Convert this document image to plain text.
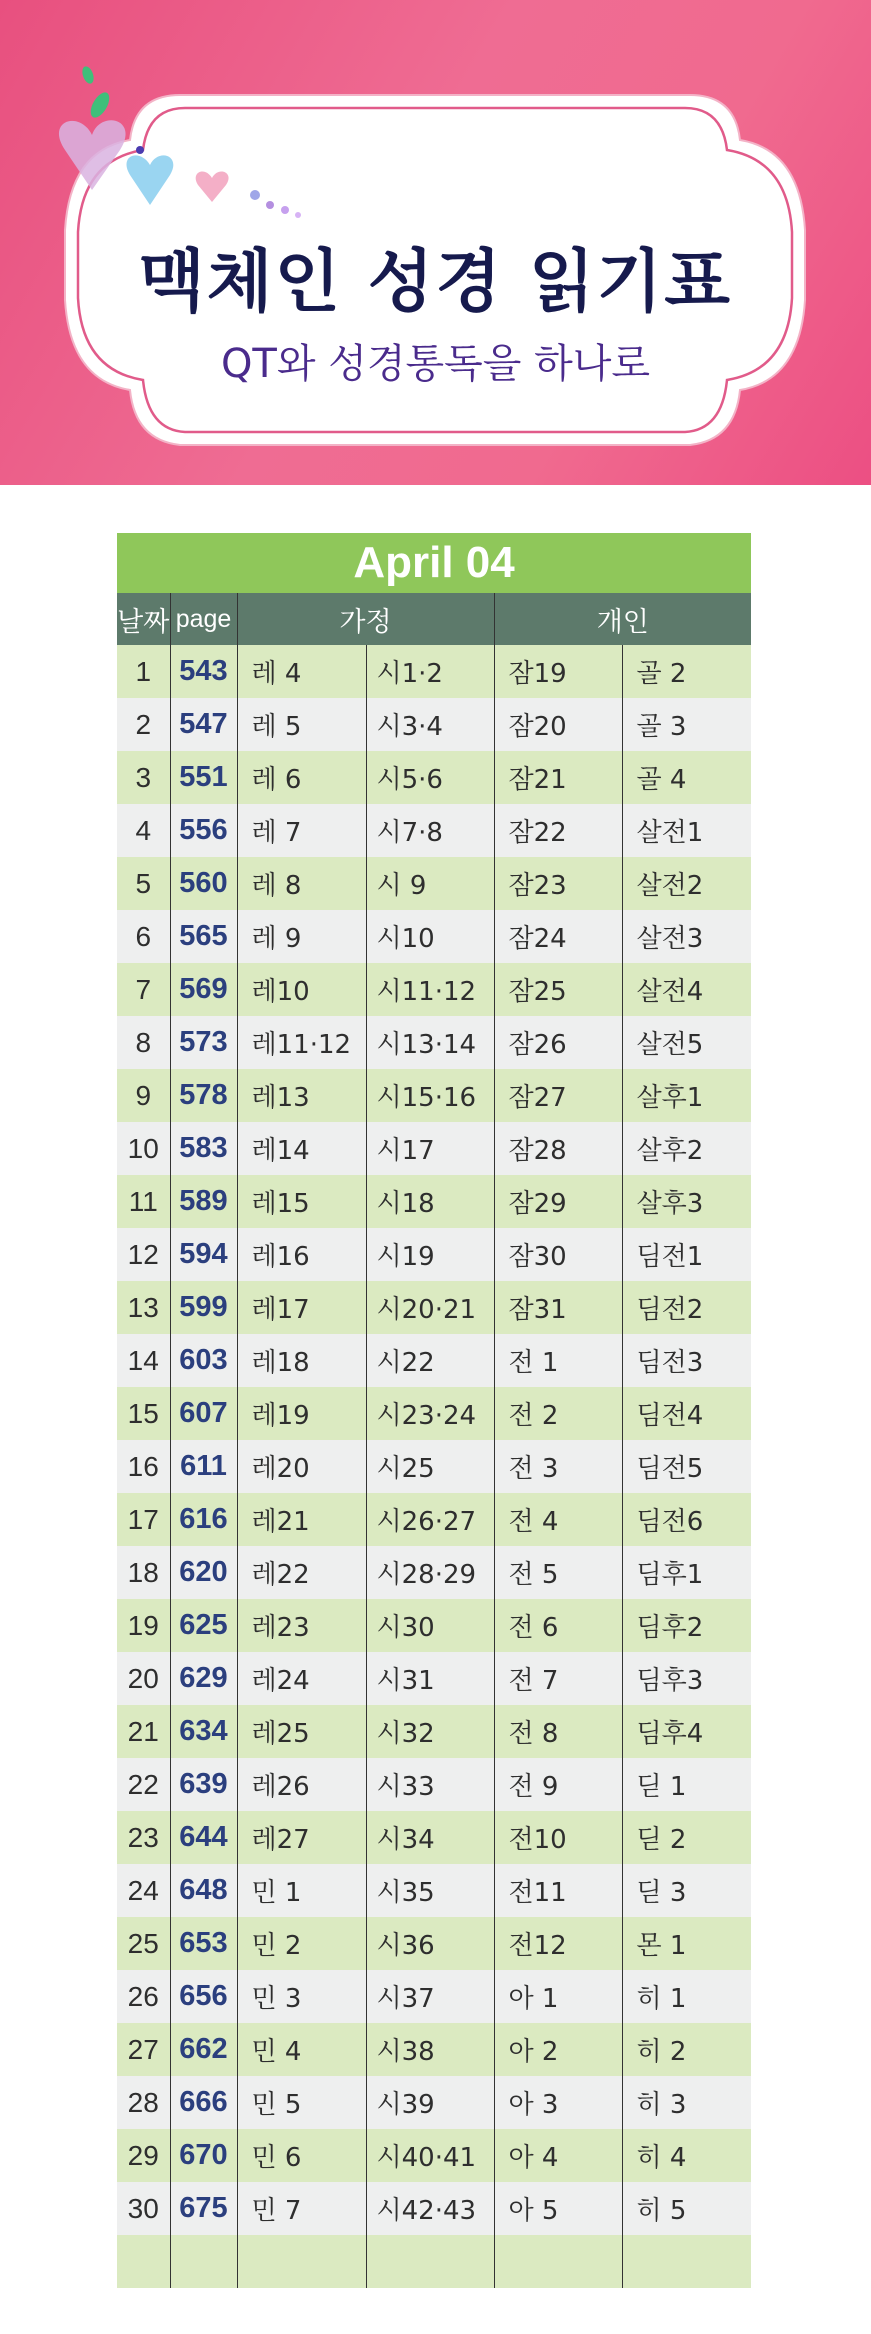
맥체인 성경 읽기표
QT와 성경통독을 하나로
April 04					
날짜	page	가정		개인	
1	543	레 4	시1·2	잠19	골 2
2	547	레 5	시3·4	잠20	골 3
3	551	레 6	시5·6	잠21	골 4
4	556	레 7	시7·8	잠22	살전1
5	560	레 8	시 9	잠23	살전2
6	565	레 9	시10	잠24	살전3
7	569	레10	시11·12	잠25	살전4
8	573	레11·12	시13·14	잠26	살전5
9	578	레13	시15·16	잠27	살후1
10	583	레14	시17	잠28	살후2
11	589	레15	시18	잠29	살후3
12	594	레16	시19	잠30	딤전1
13	599	레17	시20·21	잠31	딤전2
14	603	레18	시22	전 1	딤전3
15	607	레19	시23·24	전 2	딤전4
16	611	레20	시25	전 3	딤전5
17	616	레21	시26·27	전 4	딤전6
18	620	레22	시28·29	전 5	딤후1
19	625	레23	시30	전 6	딤후2
20	629	레24	시31	전 7	딤후3
21	634	레25	시32	전 8	딤후4
22	639	레26	시33	전 9	딛 1
23	644	레27	시34	전10	딛 2
24	648	민 1	시35	전11	딛 3
25	653	민 2	시36	전12	몬 1
26	656	민 3	시37	아 1	히 1
27	662	민 4	시38	아 2	히 2
28	666	민 5	시39	아 3	히 3
29	670	민 6	시40·41	아 4	히 4
30	675	민 7	시42·43	아 5	히 5
